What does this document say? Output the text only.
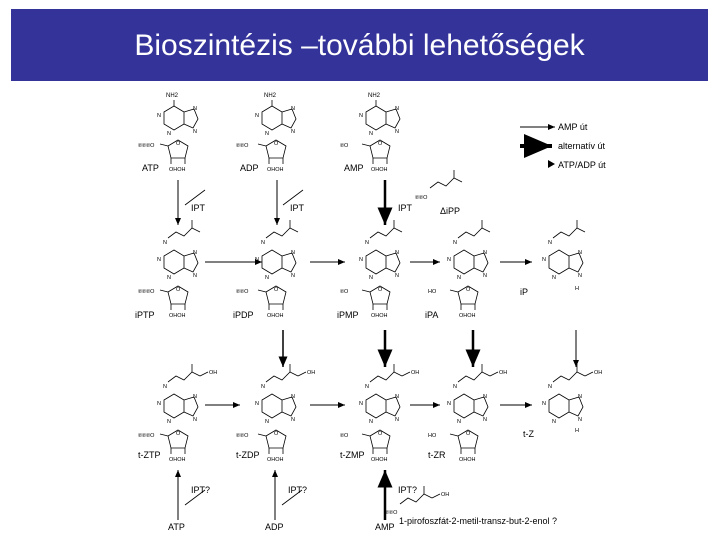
Bioszintézis –további lehetőségek
AMP út
alternatív út
ATP/ADP út
NH2
N
N
N
N
O
℗℗℗O
OHOH
NH2
N
N
N
N
O
℗℗O
OHOH
NH2
N
N
N
N
O
℗O
OHOH
℗℗O
N
N
N
N
N
O
℗℗℗O
OHOH
N
N
N
N
N
O
℗℗O
OHOH
N
N
N
N
N
O
℗O
OHOH
N
N
N
N
N
O
HO
OHOH
N
N
N
N
N
H
OH
N
N
N
N
N
O
℗℗℗O
OHOH
OH
N
N
N
N
N
O
℗℗O
OHOH
OH
N
N
N
N
N
O
℗O
OHOH
OH
N
N
N
N
N
O
HO
OHOH
OH
N
N
N
N
N
H
℗℗O
OH
ATP	ADP	AMP
IPT	IPT	IPT	ΔiPP
iPTP	iPDP	iPMP	iPA
iP
t-ZTP	t-ZDP	t-ZMP	t-ZR
t-Z
IPT?
ATP
IPT?
ADP
IPT?
AMP
1-pirofoszfát-2-metil-transz-but-2-enol ?
